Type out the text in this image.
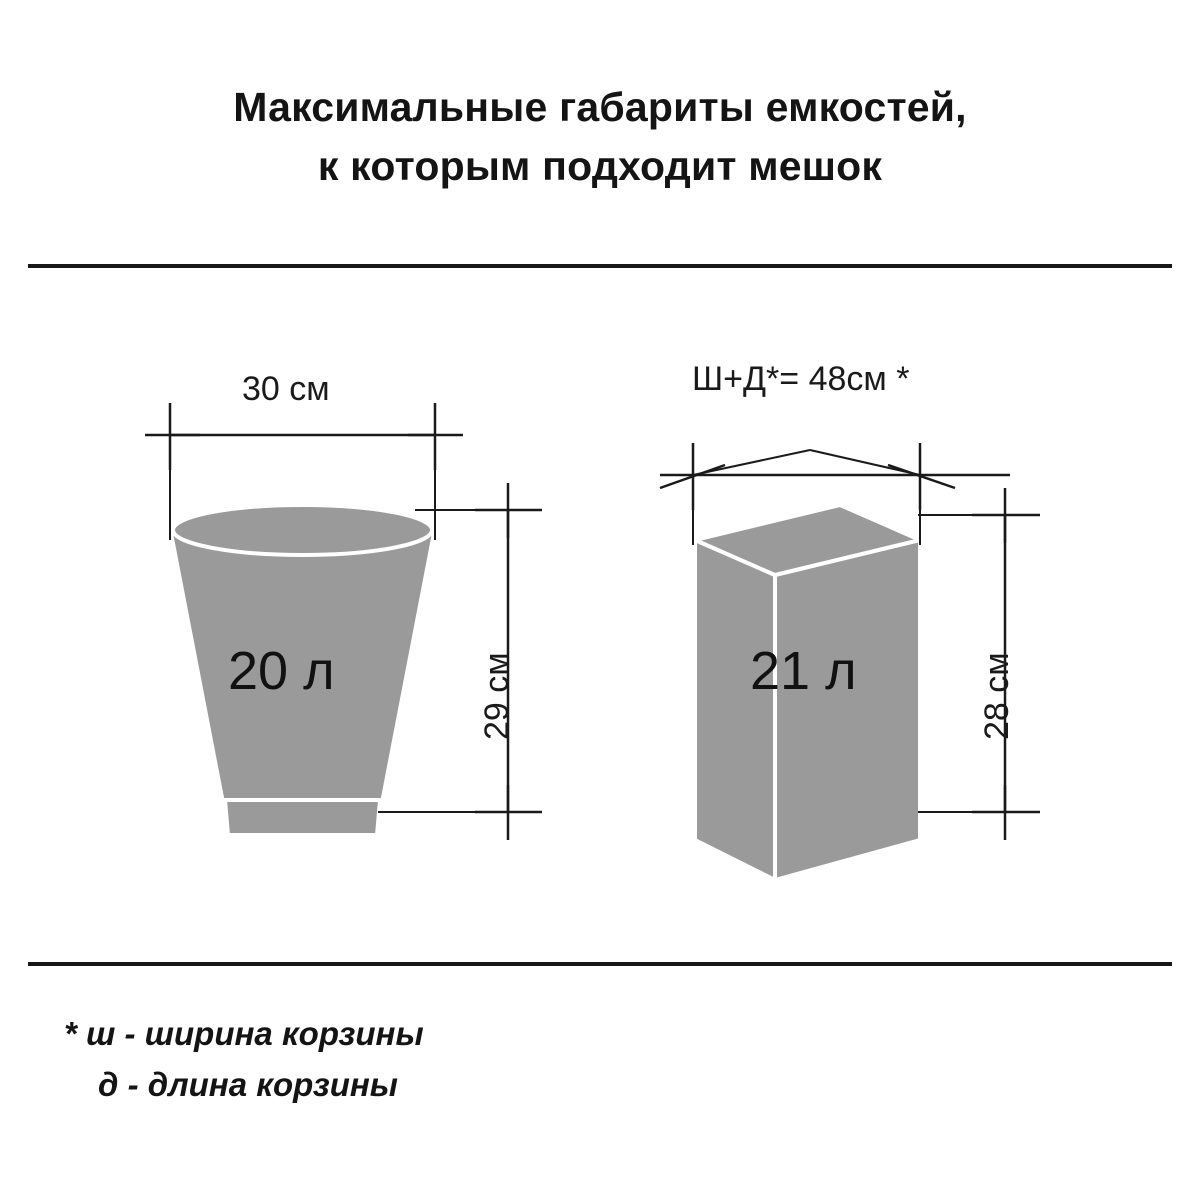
Максимальные габариты емкостей,
к которым подходит мешок
30 см
20 л	29 см
Ш+Д*= 48см *
21 л	28 см
* ш - ширина корзины
д - длина корзины
